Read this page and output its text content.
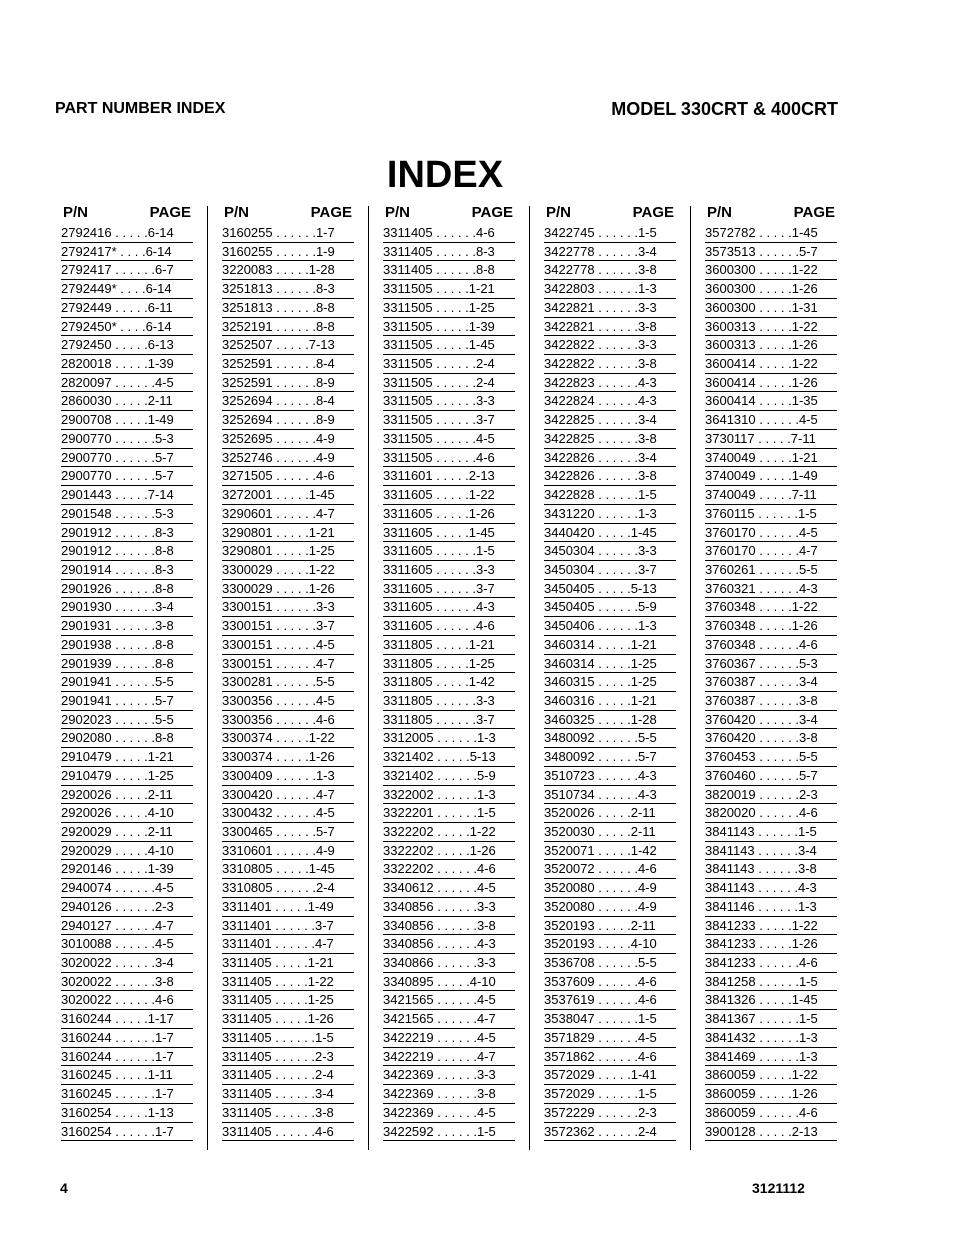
PART NUMBER INDEX	MODEL 330CRT & 400CRT
INDEX
P/N	PAGE
2792416 . . . . .6-14
2792417* . . . .6-14
2792417 . . . . . .6-7
2792449* . . . .6-14
2792449 . . . . .6-11
2792450* . . . .6-14
2792450 . . . . .6-13
2820018 . . . . .1-39
2820097 . . . . . .4-5
2860030 . . . . .2-11
2900708 . . . . .1-49
2900770 . . . . . .5-3
2900770 . . . . . .5-7
2900770 . . . . . .5-7
2901443 . . . . .7-14
2901548 . . . . . .5-3
2901912 . . . . . .8-3
2901912 . . . . . .8-8
2901914 . . . . . .8-3
2901926 . . . . . .8-8
2901930 . . . . . .3-4
2901931 . . . . . .3-8
2901938 . . . . . .8-8
2901939 . . . . . .8-8
2901941 . . . . . .5-5
2901941 . . . . . .5-7
2902023 . . . . . .5-5
2902080 . . . . . .8-8
2910479 . . . . .1-21
2910479 . . . . .1-25
2920026 . . . . .2-11
2920026 . . . . .4-10
2920029 . . . . .2-11
2920029 . . . . .4-10
2920146 . . . . .1-39
2940074 . . . . . .4-5
2940126 . . . . . .2-3
2940127 . . . . . .4-7
3010088 . . . . . .4-5
3020022 . . . . . .3-4
3020022 . . . . . .3-8
3020022 . . . . . .4-6
3160244 . . . . .1-17
3160244 . . . . . .1-7
3160244 . . . . . .1-7
3160245 . . . . .1-11
3160245 . . . . . .1-7
3160254 . . . . .1-13
3160254 . . . . . .1-7
P/N	PAGE
3160255 . . . . . .1-7
3160255 . . . . . .1-9
3220083 . . . . .1-28
3251813 . . . . . .8-3
3251813 . . . . . .8-8
3252191 . . . . . .8-8
3252507 . . . . .7-13
3252591 . . . . . .8-4
3252591 . . . . . .8-9
3252694 . . . . . .8-4
3252694 . . . . . .8-9
3252695 . . . . . .4-9
3252746 . . . . . .4-9
3271505 . . . . . .4-6
3272001 . . . . .1-45
3290601 . . . . . .4-7
3290801 . . . . .1-21
3290801 . . . . .1-25
3300029 . . . . .1-22
3300029 . . . . .1-26
3300151 . . . . . .3-3
3300151 . . . . . .3-7
3300151 . . . . . .4-5
3300151 . . . . . .4-7
3300281 . . . . . .5-5
3300356 . . . . . .4-5
3300356 . . . . . .4-6
3300374 . . . . .1-22
3300374 . . . . .1-26
3300409 . . . . . .1-3
3300420 . . . . . .4-7
3300432 . . . . . .4-5
3300465 . . . . . .5-7
3310601 . . . . . .4-9
3310805 . . . . .1-45
3310805 . . . . . .2-4
3311401 . . . . .1-49
3311401 . . . . . .3-7
3311401 . . . . . .4-7
3311405 . . . . .1-21
3311405 . . . . .1-22
3311405 . . . . .1-25
3311405 . . . . .1-26
3311405 . . . . . .1-5
3311405 . . . . . .2-3
3311405 . . . . . .2-4
3311405 . . . . . .3-4
3311405 . . . . . .3-8
3311405 . . . . . .4-6
P/N	PAGE
3311405 . . . . . .4-6
3311405 . . . . . .8-3
3311405 . . . . . .8-8
3311505 . . . . .1-21
3311505 . . . . .1-25
3311505 . . . . .1-39
3311505 . . . . .1-45
3311505 . . . . . .2-4
3311505 . . . . . .2-4
3311505 . . . . . .3-3
3311505 . . . . . .3-7
3311505 . . . . . .4-5
3311505 . . . . . .4-6
3311601 . . . . .2-13
3311605 . . . . .1-22
3311605 . . . . .1-26
3311605 . . . . .1-45
3311605 . . . . . .1-5
3311605 . . . . . .3-3
3311605 . . . . . .3-7
3311605 . . . . . .4-3
3311605 . . . . . .4-6
3311805 . . . . .1-21
3311805 . . . . .1-25
3311805 . . . . .1-42
3311805 . . . . . .3-3
3311805 . . . . . .3-7
3312005 . . . . . .1-3
3321402 . . . . .5-13
3321402 . . . . . .5-9
3322002 . . . . . .1-3
3322201 . . . . . .1-5
3322202 . . . . .1-22
3322202 . . . . .1-26
3322202 . . . . . .4-6
3340612 . . . . . .4-5
3340856 . . . . . .3-3
3340856 . . . . . .3-8
3340856 . . . . . .4-3
3340866 . . . . . .3-3
3340895 . . . . .4-10
3421565 . . . . . .4-5
3421565 . . . . . .4-7
3422219 . . . . . .4-5
3422219 . . . . . .4-7
3422369 . . . . . .3-3
3422369 . . . . . .3-8
3422369 . . . . . .4-5
3422592 . . . . . .1-5
P/N	PAGE
3422745 . . . . . .1-5
3422778 . . . . . .3-4
3422778 . . . . . .3-8
3422803 . . . . . .1-3
3422821 . . . . . .3-3
3422821 . . . . . .3-8
3422822 . . . . . .3-3
3422822 . . . . . .3-8
3422823 . . . . . .4-3
3422824 . . . . . .4-3
3422825 . . . . . .3-4
3422825 . . . . . .3-8
3422826 . . . . . .3-4
3422826 . . . . . .3-8
3422828 . . . . . .1-5
3431220 . . . . . .1-3
3440420 . . . . .1-45
3450304 . . . . . .3-3
3450304 . . . . . .3-7
3450405 . . . . .5-13
3450405 . . . . . .5-9
3450406 . . . . . .1-3
3460314 . . . . .1-21
3460314 . . . . .1-25
3460315 . . . . .1-25
3460316 . . . . .1-21
3460325 . . . . .1-28
3480092 . . . . . .5-5
3480092 . . . . . .5-7
3510723 . . . . . .4-3
3510734 . . . . . .4-3
3520026 . . . . .2-11
3520030 . . . . .2-11
3520071 . . . . .1-42
3520072 . . . . . .4-6
3520080 . . . . . .4-9
3520080 . . . . . .4-9
3520193 . . . . .2-11
3520193 . . . . .4-10
3536708 . . . . . .5-5
3537609 . . . . . .4-6
3537619 . . . . . .4-6
3538047 . . . . . .1-5
3571829 . . . . . .4-5
3571862 . . . . . .4-6
3572029 . . . . .1-41
3572029 . . . . . .1-5
3572229 . . . . . .2-3
3572362 . . . . . .2-4
P/N	PAGE
3572782 . . . . .1-45
3573513 . . . . . .5-7
3600300 . . . . .1-22
3600300 . . . . .1-26
3600300 . . . . .1-31
3600313 . . . . .1-22
3600313 . . . . .1-26
3600414 . . . . .1-22
3600414 . . . . .1-26
3600414 . . . . .1-35
3641310 . . . . . .4-5
3730117 . . . . .7-11
3740049 . . . . .1-21
3740049 . . . . .1-49
3740049 . . . . .7-11
3760115 . . . . . .1-5
3760170 . . . . . .4-5
3760170 . . . . . .4-7
3760261 . . . . . .5-5
3760321 . . . . . .4-3
3760348 . . . . .1-22
3760348 . . . . .1-26
3760348 . . . . . .4-6
3760367 . . . . . .5-3
3760387 . . . . . .3-4
3760387 . . . . . .3-8
3760420 . . . . . .3-4
3760420 . . . . . .3-8
3760453 . . . . . .5-5
3760460 . . . . . .5-7
3820019 . . . . . .2-3
3820020 . . . . . .4-6
3841143 . . . . . .1-5
3841143 . . . . . .3-4
3841143 . . . . . .3-8
3841143 . . . . . .4-3
3841146 . . . . . .1-3
3841233 . . . . .1-22
3841233 . . . . .1-26
3841233 . . . . . .4-6
3841258 . . . . . .1-5
3841326 . . . . .1-45
3841367 . . . . . .1-5
3841432 . . . . . .1-3
3841469 . . . . . .1-3
3860059 . . . . .1-22
3860059 . . . . .1-26
3860059 . . . . . .4-6
3900128 . . . . .2-13
4	3121112
